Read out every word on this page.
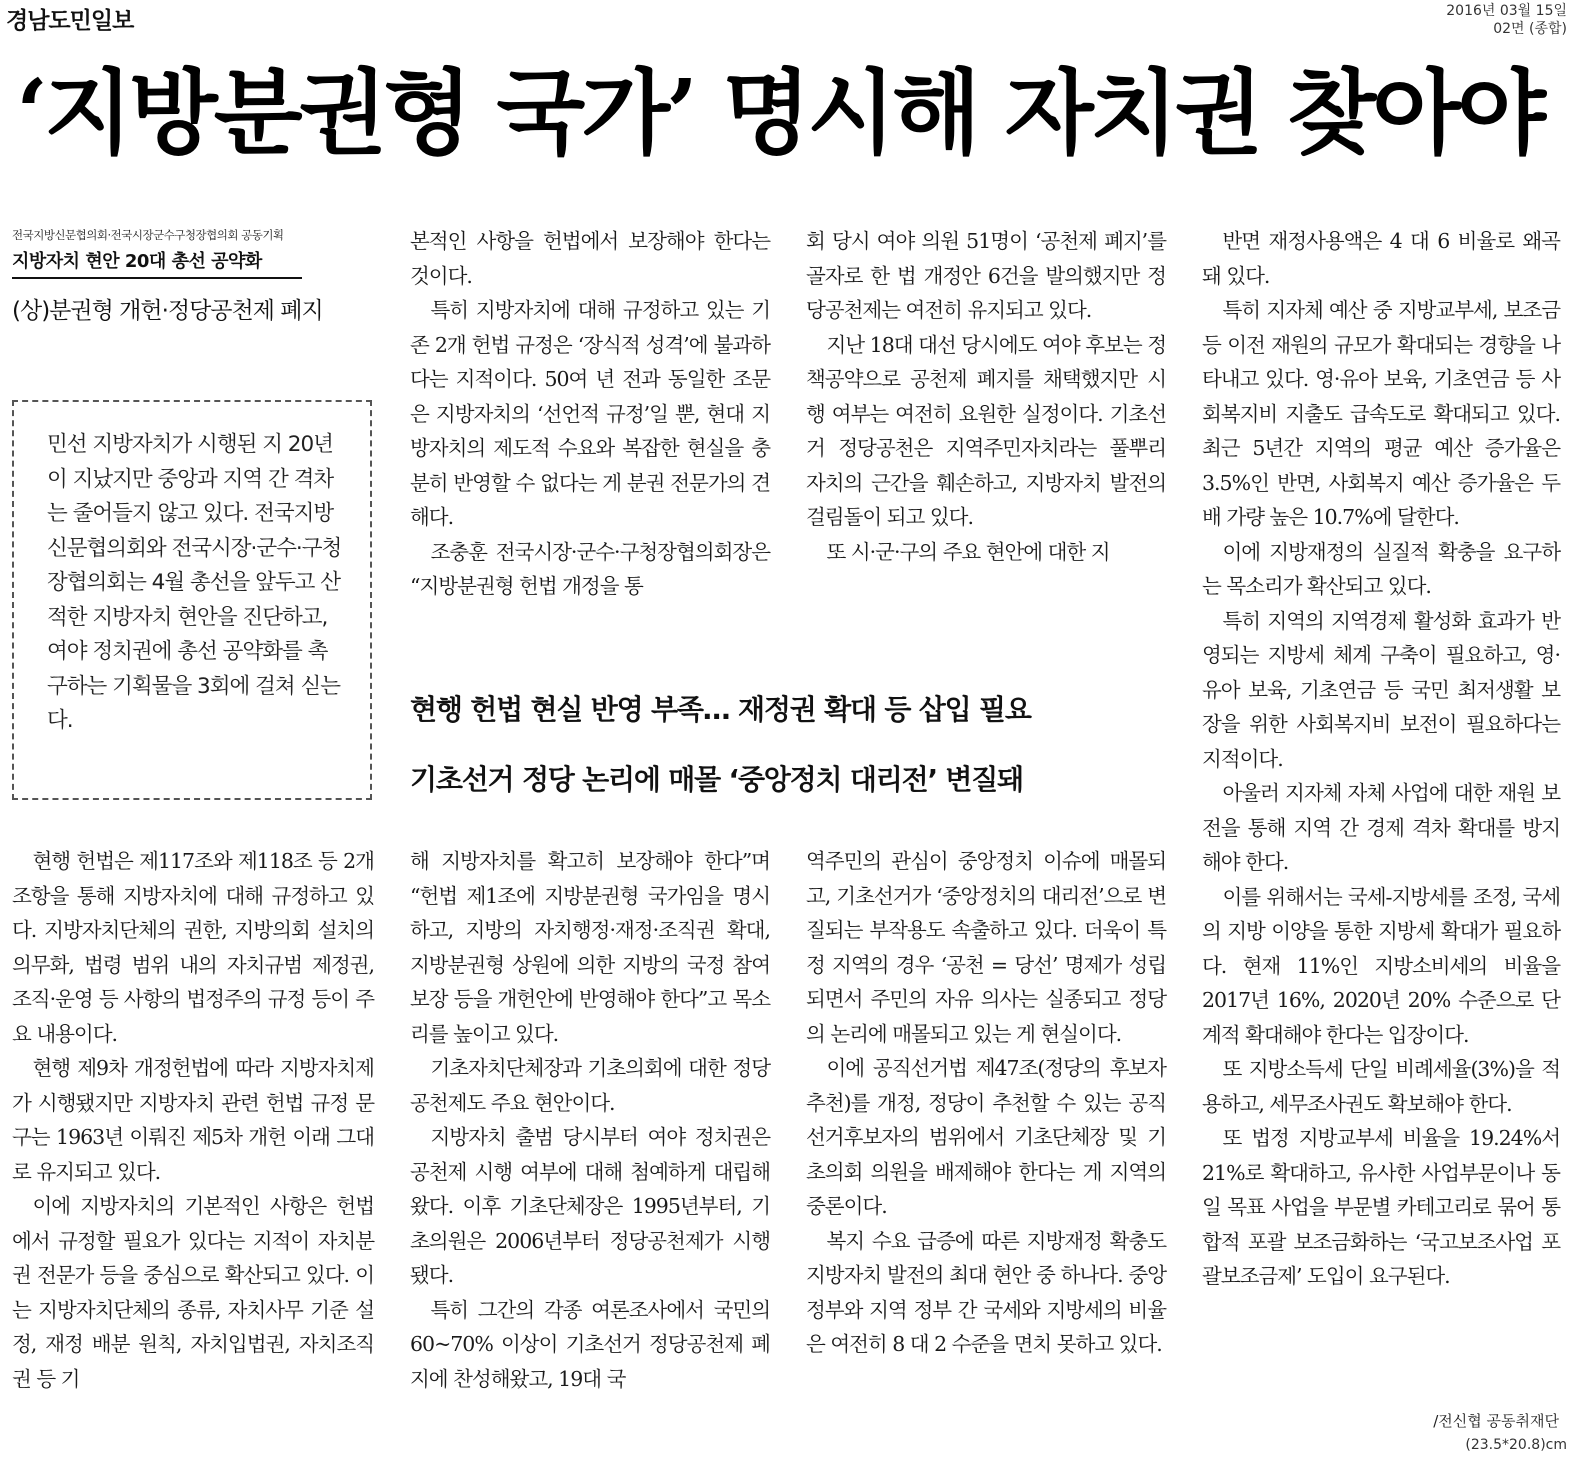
경남도민일보	2016년 03월 15일
02면 (종합)
‘지방분권형 국가’ 명시해 자치권 찾아야
전국지방신문협의회·전국시장군수구청장협의회 공동기획
지방자치 현안 20대 총선 공약화
(상)분권형 개헌·정당공천제 폐지
민선 지방자치가 시행된 지 20년이 지났지만 중앙과 지역 간 격차는 줄어들지 않고 있다. 전국지방신문협의회와 전국시장·군수·구청장협의회는 4월 총선을 앞두고 산적한 지방자치 현안을 진단하고, 여야 정치권에 총선 공약화를 촉구하는 기획물을 3회에 걸쳐 싣는다.

본적인 사항을 헌법에서 보장해야 한다는 것이다.

특히 지방자치에 대해 규정하고 있는 기존 2개 헌법 규정은 ‘장식적 성격’에 불과하다는 지적이다. 50여 년 전과 동일한 조문은 지방자치의 ‘선언적 규정’일 뿐, 현대 지방자치의 제도적 수요와 복잡한 현실을 충분히 반영할 수 없다는 게 분권 전문가의 견해다.

조충훈 전국시장·군수·구청장협의회장은 “지방분권형 헌법 개정을 통

회 당시 여야 의원 51명이 ‘공천제 폐지’를 골자로 한 법 개정안 6건을 발의했지만 정당공천제는 여전히 유지되고 있다.

지난 18대 대선 당시에도 여야 후보는 정책공약으로 공천제 폐지를 채택했지만 시행 여부는 여전히 요원한 실정이다. 기초선거 정당공천은 지역주민자치라는 풀뿌리 자치의 근간을 훼손하고, 지방자치 발전의 걸림돌이 되고 있다.

또 시·군·구의 주요 현안에 대한 지

현행 헌법 현실 반영 부족… 재정권 확대 등 삽입 필요
기초선거 정당 논리에 매몰 ‘중앙정치 대리전’ 변질돼

현행 헌법은 제117조와 제118조 등 2개 조항을 통해 지방자치에 대해 규정하고 있다. 지방자치단체의 권한, 지방의회 설치의 의무화, 법령 범위 내의 자치규범 제정권, 조직·운영 등 사항의 법정주의 규정 등이 주요 내용이다.

현행 제9차 개정헌법에 따라 지방자치제가 시행됐지만 지방자치 관련 헌법 규정 문구는 1963년 이뤄진 제5차 개헌 이래 그대로 유지되고 있다.

이에 지방자치의 기본적인 사항은 헌법에서 규정할 필요가 있다는 지적이 자치분권 전문가 등을 중심으로 확산되고 있다. 이는 지방자치단체의 종류, 자치사무 기준 설정, 재정 배분 원칙, 자치입법권, 자치조직권 등 기

해 지방자치를 확고히 보장해야 한다”며 “헌법 제1조에 지방분권형 국가임을 명시하고, 지방의 자치행정·재정·조직권 확대, 지방분권형 상원에 의한 지방의 국정 참여 보장 등을 개헌안에 반영해야 한다”고 목소리를 높이고 있다.

기초자치단체장과 기초의회에 대한 정당공천제도 주요 현안이다.

지방자치 출범 당시부터 여야 정치권은 공천제 시행 여부에 대해 첨예하게 대립해왔다. 이후 기초단체장은 1995년부터, 기초의원은 2006년부터 정당공천제가 시행됐다.

특히 그간의 각종 여론조사에서 국민의 60~70% 이상이 기초선거 정당공천제 폐지에 찬성해왔고, 19대 국

역주민의 관심이 중앙정치 이슈에 매몰되고, 기초선거가 ‘중앙정치의 대리전’으로 변질되는 부작용도 속출하고 있다. 더욱이 특정 지역의 경우 ‘공천 = 당선’ 명제가 성립되면서 주민의 자유 의사는 실종되고 정당의 논리에 매몰되고 있는 게 현실이다.

이에 공직선거법 제47조(정당의 후보자 추천)를 개정, 정당이 추천할 수 있는 공직선거후보자의 범위에서 기초단체장 및 기초의회 의원을 배제해야 한다는 게 지역의 중론이다.

복지 수요 급증에 따른 지방재정 확충도 지방자치 발전의 최대 현안 중 하나다. 중앙 정부와 지역 정부 간 국세와 지방세의 비율은 여전히 8 대 2 수준을 면치 못하고 있다.

반면 재정사용액은 4 대 6 비율로 왜곡돼 있다.

특히 지자체 예산 중 지방교부세, 보조금 등 이전 재원의 규모가 확대되는 경향을 나타내고 있다. 영·유아 보육, 기초연금 등 사회복지비 지출도 급속도로 확대되고 있다. 최근 5년간 지역의 평균 예산 증가율은 3.5%인 반면, 사회복지 예산 증가율은 두 배 가량 높은 10.7%에 달한다.

이에 지방재정의 실질적 확충을 요구하는 목소리가 확산되고 있다.

특히 지역의 지역경제 활성화 효과가 반영되는 지방세 체계 구축이 필요하고, 영·유아 보육, 기초연금 등 국민 최저생활 보장을 위한 사회복지비 보전이 필요하다는 지적이다.

아울러 지자체 자체 사업에 대한 재원 보전을 통해 지역 간 경제 격차 확대를 방지해야 한다.

이를 위해서는 국세-지방세를 조정, 국세의 지방 이양을 통한 지방세 확대가 필요하다. 현재 11%인 지방소비세의 비율을 2017년 16%, 2020년 20% 수준으로 단계적 확대해야 한다는 입장이다.

또 지방소득세 단일 비례세율(3%)을 적용하고, 세무조사권도 확보해야 한다.

또 법정 지방교부세 비율을 19.24%서 21%로 확대하고, 유사한 사업부문이나 동일 목표 사업을 부문별 카테고리로 묶어 통합적 포괄 보조금화하는 ‘국고보조사업 포괄보조금제’ 도입이 요구된다.

/전신협 공동취재단
(23.5*20.8)cm
